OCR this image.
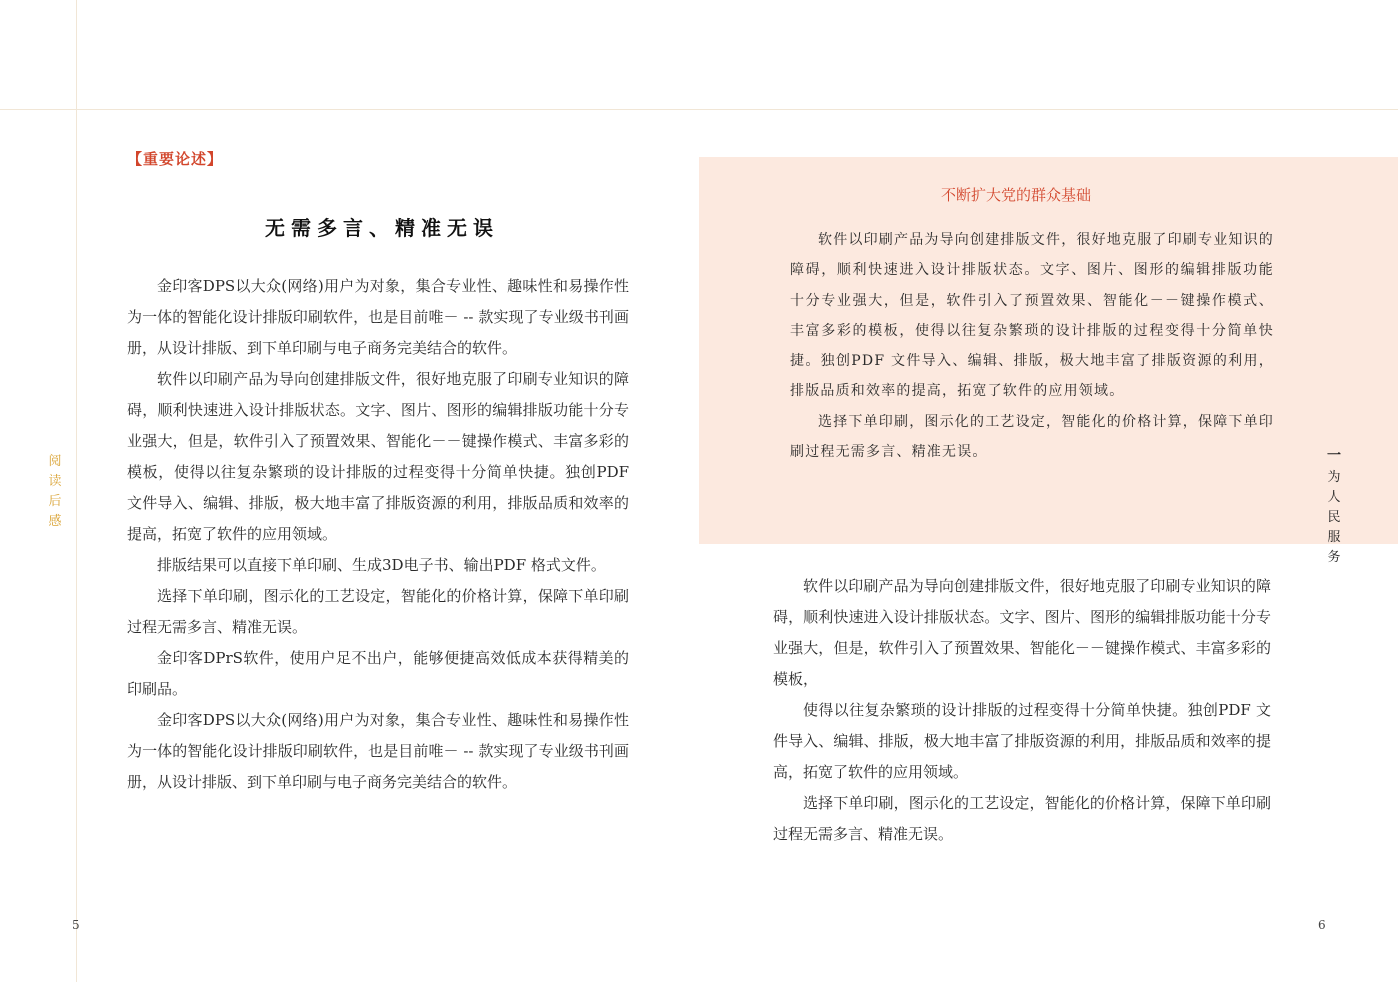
阅
读
后
感
【重要论述】
无需多言、精准无误

金印客DPS以大众(网络)用户为对象，集合专业性、趣味性和易操作性为一体的智能化设计排版印刷软件，也是目前唯－ -- 款实现了专业级书刊画册，从设计排版、到下单印刷与电子商务完美结合的软件。

软件以印刷产品为导向创建排版文件，很好地克服了印刷专业知识的障碍，顺利快速进入设计排版状态。文字、图片、图形的编辑排版功能十分专业强大，但是，软件引入了预置效果、智能化－－键操作模式、丰富多彩的模板，使得以往复杂繁琐的设计排版的过程变得十分简单快捷。独创PDF 文件导入、编辑、排版，极大地丰富了排版资源的利用，排版品质和效率的提高，拓宽了软件的应用领域。

排版结果可以直接下单印刷、生成3D电子书、输出PDF 格式文件。

选择下单印刷，图示化的工艺设定，智能化的价格计算，保障下单印刷过程无需多言、精准无误。

金印客DPrS软件，使用户足不出户，能够便捷高效低成本获得精美的印刷品。

金印客DPS以大众(网络)用户为对象，集合专业性、趣味性和易操作性为一体的智能化设计排版印刷软件，也是目前唯－ -- 款实现了专业级书刊画册，从设计排版、到下单印刷与电子商务完美结合的软件。

5
不断扩大党的群众基础

软件以印刷产品为导向创建排版文件，很好地克服了印刷专业知识的障碍，顺利快速进入设计排版状态。文字、图片、图形的编辑排版功能十分专业强大，但是，软件引入了预置效果、智能化－－键操作模式、丰富多彩的模板，使得以往复杂繁琐的设计排版的过程变得十分简单快捷。独创PDF 文件导入、编辑、排版，极大地丰富了排版资源的利用，排版品质和效率的提高，拓宽了软件的应用领域。

选择下单印刷，图示化的工艺设定，智能化的价格计算，保障下单印刷过程无需多言、精准无误。	一
为
人
民
服
务

软件以印刷产品为导向创建排版文件，很好地克服了印刷专业知识的障碍，顺利快速进入设计排版状态。文字、图片、图形的编辑排版功能十分专业强大，但是，软件引入了预置效果、智能化－－键操作模式、丰富多彩的模板，

使得以往复杂繁琐的设计排版的过程变得十分简单快捷。独创PDF 文件导入、编辑、排版，极大地丰富了排版资源的利用，排版品质和效率的提高，拓宽了软件的应用领域。

选择下单印刷，图示化的工艺设定，智能化的价格计算，保障下单印刷过程无需多言、精准无误。

6
